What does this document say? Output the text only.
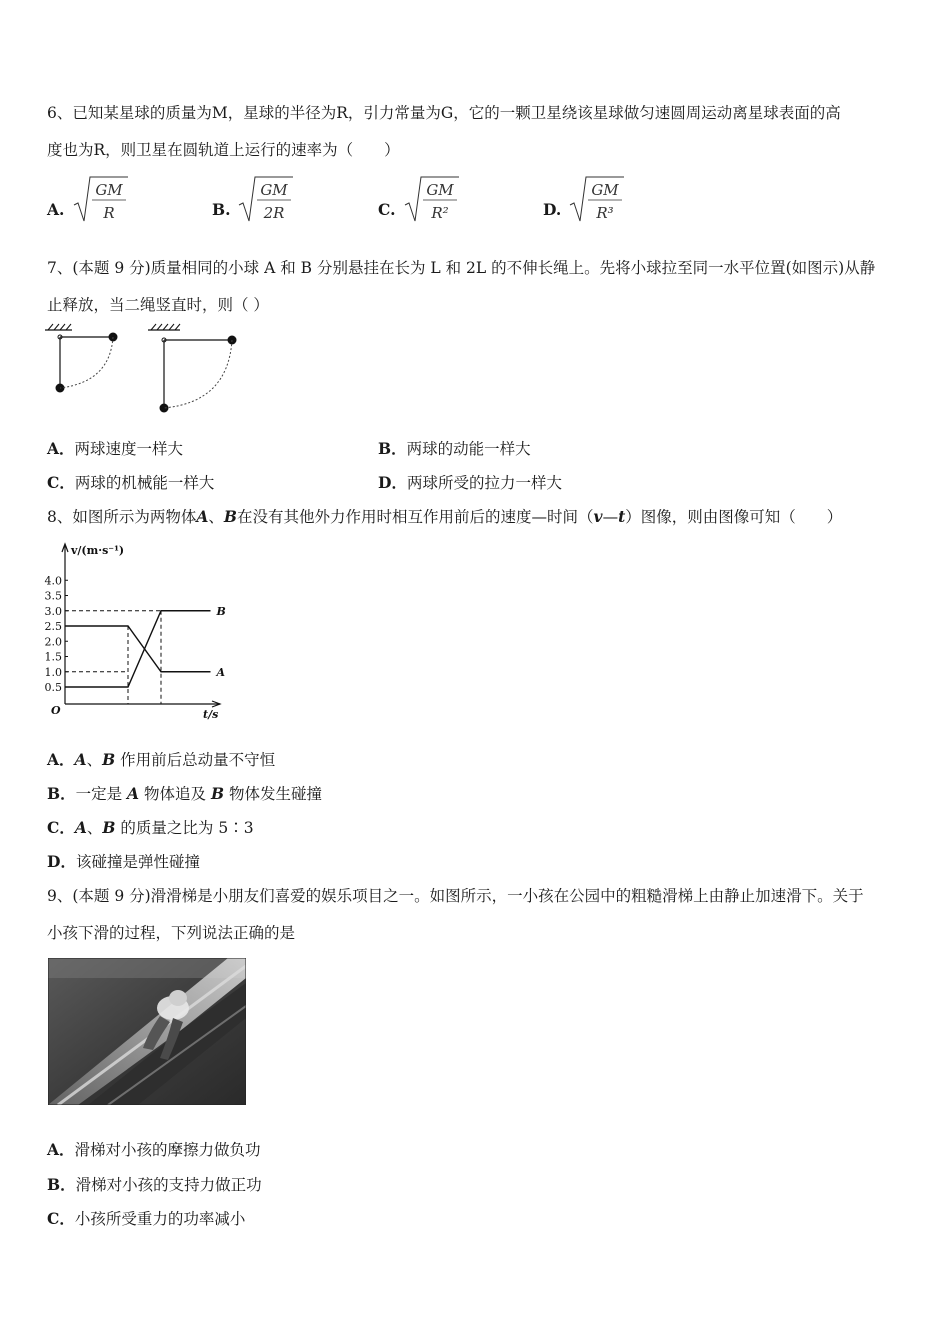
6、已知某星球的质量为M，星球的半径为R，引力常量为G，它的一颗卫星绕该星球做匀速圆周运动离星球表面的高
度也为R，则卫星在圆轨道上运行的速率为（　　）
A.
GM
R	B.
GM
2R	C.
GM
R²	D.
GM
R³
7、(本题 9 分)质量相同的小球 A 和 B 分别悬挂在长为 L 和 2L 的不伸长绳上。先将小球拉至同一水平位置(如图示)从静
止释放，当二绳竖直时，则（ ）
A．两球速度一样大	B．两球的动能一样大
C．两球的机械能一样大	D．两球所受的拉力一样大
8、如图所示为两物体A、B在没有其他外力作用时相互作用前后的速度—时间（v—t）图像，则由图像可知（　　）
v/(m·s⁻¹)
t/s
O
0.5
1.0
1.5
2.0
2.5
3.0
3.5
4.0
A
B
A．A、B 作用前后总动量不守恒
B．一定是 A 物体追及 B 物体发生碰撞
C．A、B 的质量之比为 5∶3
D．该碰撞是弹性碰撞
9、(本题 9 分)滑滑梯是小朋友们喜爱的娱乐项目之一。如图所示，一小孩在公园中的粗糙滑梯上由静止加速滑下。关于
小孩下滑的过程，下列说法正确的是
A．滑梯对小孩的摩擦力做负功
B．滑梯对小孩的支持力做正功
C．小孩所受重力的功率减小
